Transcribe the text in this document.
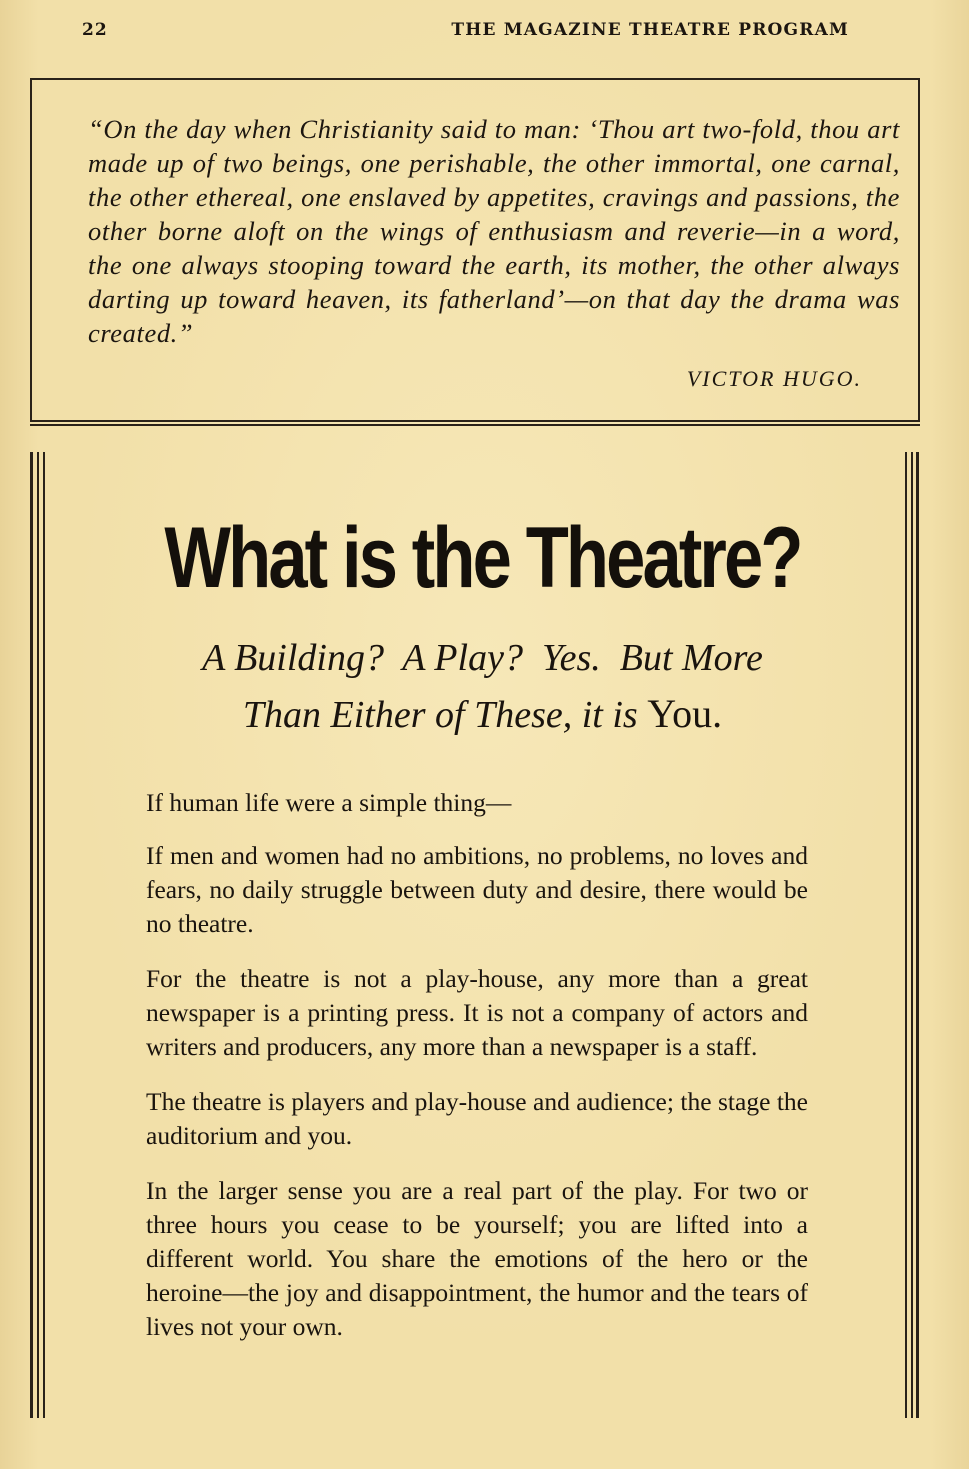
22	THE MAGAZINE THEATRE PROGRAM

“On the day when Christianity said to man: ‘Thou art two-fold, thou art made up of two beings, one perishable, the other immortal, one carnal, the other ethereal, one enslaved by appetites, cravings and passions, the other borne aloft on the wings of enthusiasm and reverie—in a word, the one always stooping toward the earth, its mother, the other always darting up toward heaven, its fatherland’—on that day the drama was created.”

VICTOR HUGO.

What is the Theatre?
A Building?  A Play?  Yes.  But More
Than Either of These, it is You.

If human life were a simple thing—

If men and women had no ambitions, no problems, no loves and fears, no daily struggle between duty and desire, there would be no theatre.

For the theatre is not a play-house, any more than a great newspaper is a printing press. It is not a company of actors and writers and producers, any more than a newspaper is a staff.

The theatre is players and play-house and audience; the stage the auditorium and you.

In the larger sense you are a real part of the play. For two or three hours you cease to be yourself; you are lifted into a different world. You share the emotions of the hero or the heroine—the joy and disappointment, the humor and the tears of lives not your own.
